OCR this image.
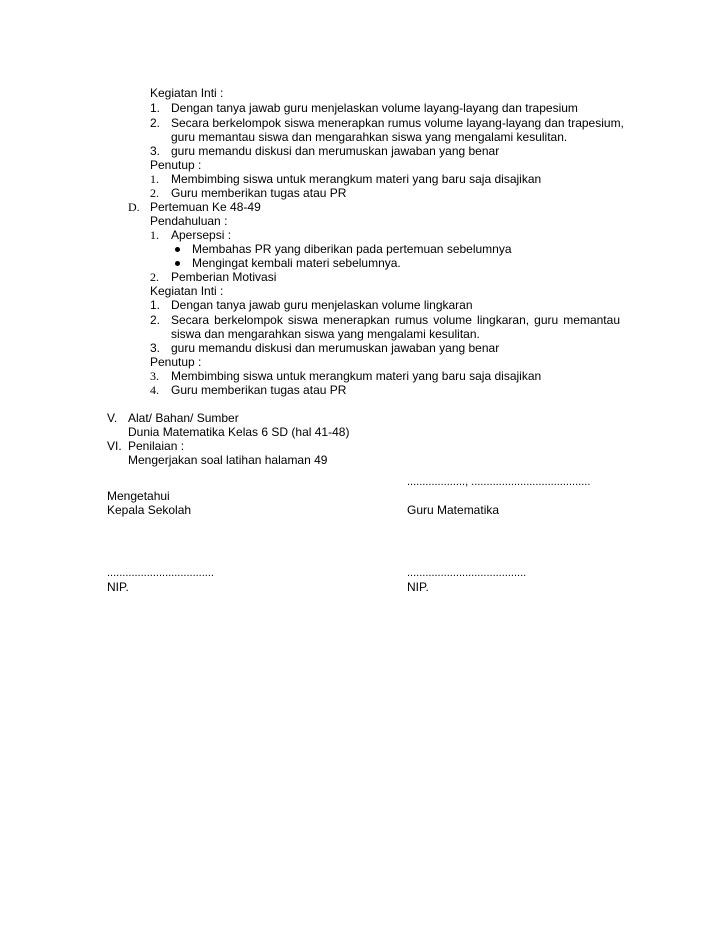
Kegiatan Inti :
1. Dengan tanya jawab guru menjelaskan volume layang-layang dan trapesium
2. Secara berkelompok siswa menerapkan rumus volume layang-layang dan trapesium,
guru memantau siswa dan mengarahkan siswa yang mengalami kesulitan.
3. guru memandu diskusi dan merumuskan jawaban yang benar
Penutup :
1. Membimbing siswa untuk merangkum materi yang baru saja disajikan
2. Guru memberikan tugas atau PR
D. Pertemuan Ke 48-49
Pendahuluan :
1. Apersepsi :
Membahas PR yang diberikan pada pertemuan sebelumnya
Mengingat kembali materi sebelumnya.
2. Pemberian Motivasi
Kegiatan Inti :
1. Dengan tanya jawab guru menjelaskan volume lingkaran
2. Secara berkelompok siswa menerapkan rumus volume lingkaran, guru memantau
siswa dan mengarahkan siswa yang mengalami kesulitan.
3. guru memandu diskusi dan merumuskan jawaban yang benar
Penutup :
3. Membimbing siswa untuk merangkum materi yang baru saja disajikan
4. Guru memberikan tugas atau PR
V. Alat/ Bahan/ Sumber
Dunia Matematika Kelas 6 SD (hal 41-48)
VI. Penilaian :
Mengerjakan soal latihan halaman 49
..................., .......................................
Mengetahui
Kepala Sekolah	Guru Matematika
...................................	.......................................
NIP.	NIP.
